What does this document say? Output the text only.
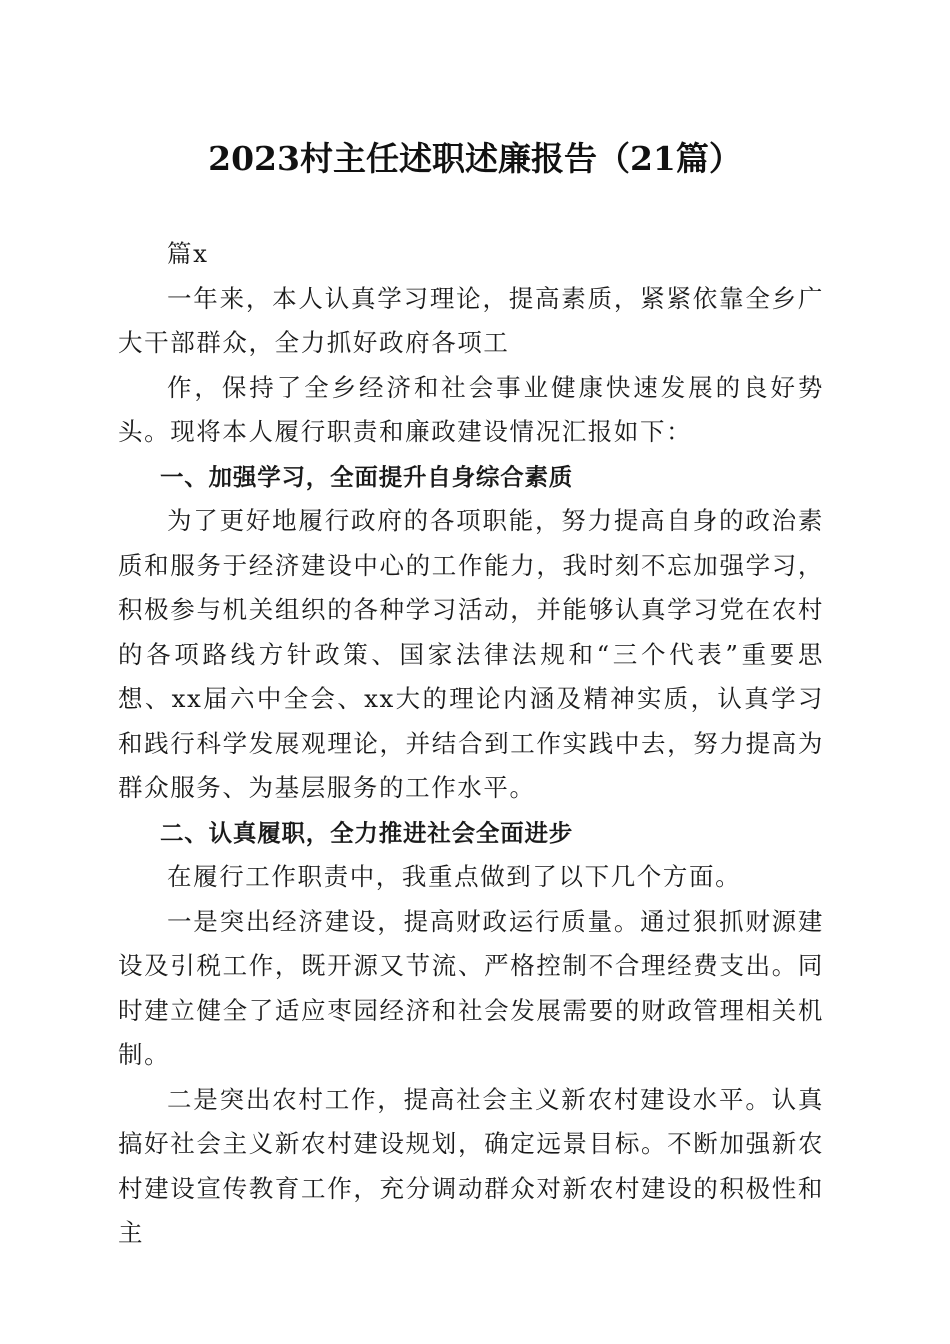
2023村主任述职述廉报告（21篇）

篇x

一年来，本人认真学习理论，提高素质，紧紧依靠全乡广大干部群众，全力抓好政府各项工

作，保持了全乡经济和社会事业健康快速发展的良好势头。现将本人履行职责和廉政建设情况汇报如下：

一、加强学习，全面提升自身综合素质

为了更好地履行政府的各项职能，努力提高自身的政治素质和服务于经济建设中心的工作能力，我时刻不忘加强学习，积极参与机关组织的各种学习活动，并能够认真学习党在农村的各项路线方针政策、国家法律法规和“三个代表”重要思想、xx届六中全会、xx大的理论内涵及精神实质，认真学习和践行科学发展观理论，并结合到工作实践中去，努力提高为群众服务、为基层服务的工作水平。

二、认真履职，全力推进社会全面进步

在履行工作职责中，我重点做到了以下几个方面。

一是突出经济建设，提高财政运行质量。通过狠抓财源建设及引税工作，既开源又节流、严格控制不合理经费支出。同时建立健全了适应枣园经济和社会发展需要的财政管理相关机制。

二是突出农村工作，提高社会主义新农村建设水平。认真搞好社会主义新农村建设规划，确定远景目标。不断加强新农村建设宣传教育工作，充分调动群众对新农村建设的积极性和主
